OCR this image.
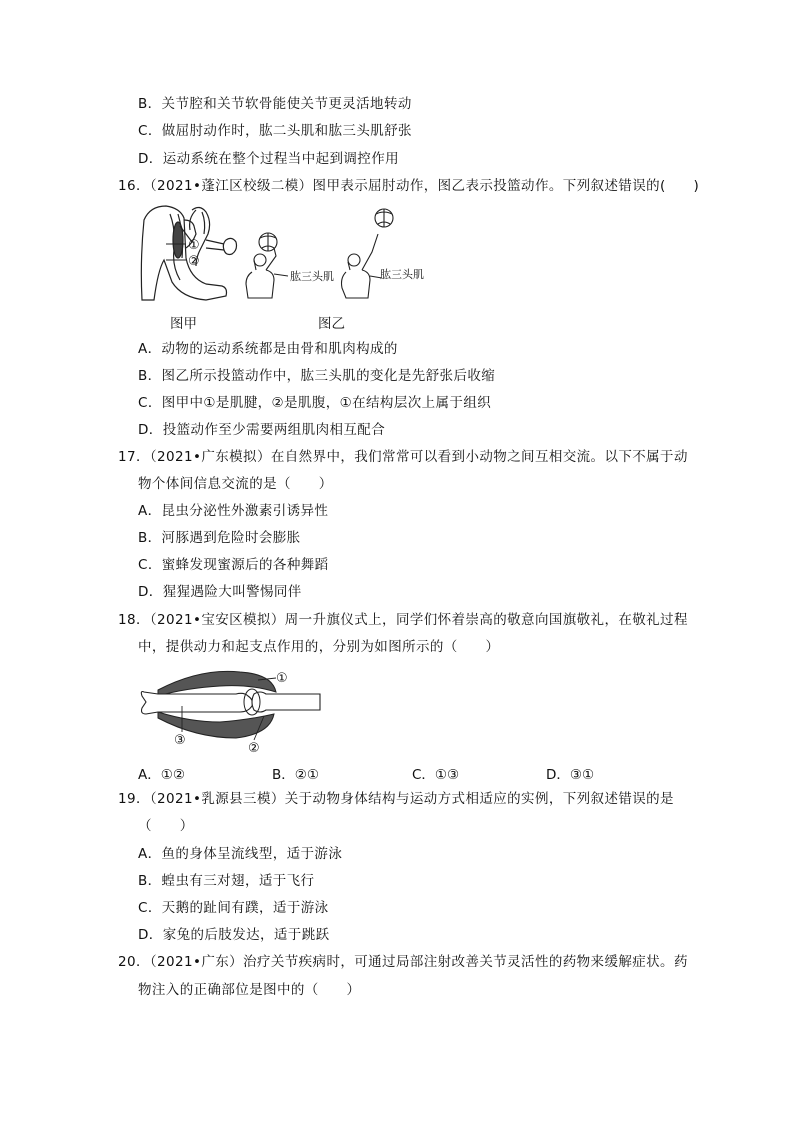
B．关节腔和关节软骨能使关节更灵活地转动
C．做屈肘动作时，肱二头肌和肱三头肌舒张
D．运动系统在整个过程当中起到调控作用
16．（2021•蓬江区校级二模）图甲表示屈肘动作，图乙表示投篮动作。下列叙述错误的(　　)
①
②
肱三头肌	肱三头肌
图甲	图乙
A．动物的运动系统都是由骨和肌肉构成的
B．图乙所示投篮动作中，肱三头肌的变化是先舒张后收缩
C．图甲中①是肌腱，②是肌腹，①在结构层次上属于组织
D．投篮动作至少需要两组肌肉相互配合
17．（2021•广东模拟）在自然界中，我们常常可以看到小动物之间互相交流。以下不属于动
物个体间信息交流的是（　　）
A．昆虫分泌性外激素引诱异性
B．河豚遇到危险时会膨胀
C．蜜蜂发现蜜源后的各种舞蹈
D．猩猩遇险大叫警惕同伴
18．（2021•宝安区模拟）周一升旗仪式上，同学们怀着崇高的敬意向国旗敬礼，在敬礼过程
中，提供动力和起支点作用的，分别为如图所示的（　　）
①
③
②
A．①②	B．②①	C．①③	D．③①
19．（2021•乳源县三模）关于动物身体结构与运动方式相适应的实例，下列叙述错误的是
（　　）
A．鱼的身体呈流线型，适于游泳
B．蝗虫有三对翅，适于飞行
C．天鹅的趾间有蹼，适于游泳
D．家兔的后肢发达，适于跳跃
20．（2021•广东）治疗关节疾病时，可通过局部注射改善关节灵活性的药物来缓解症状。药
物注入的正确部位是图中的（　　）
